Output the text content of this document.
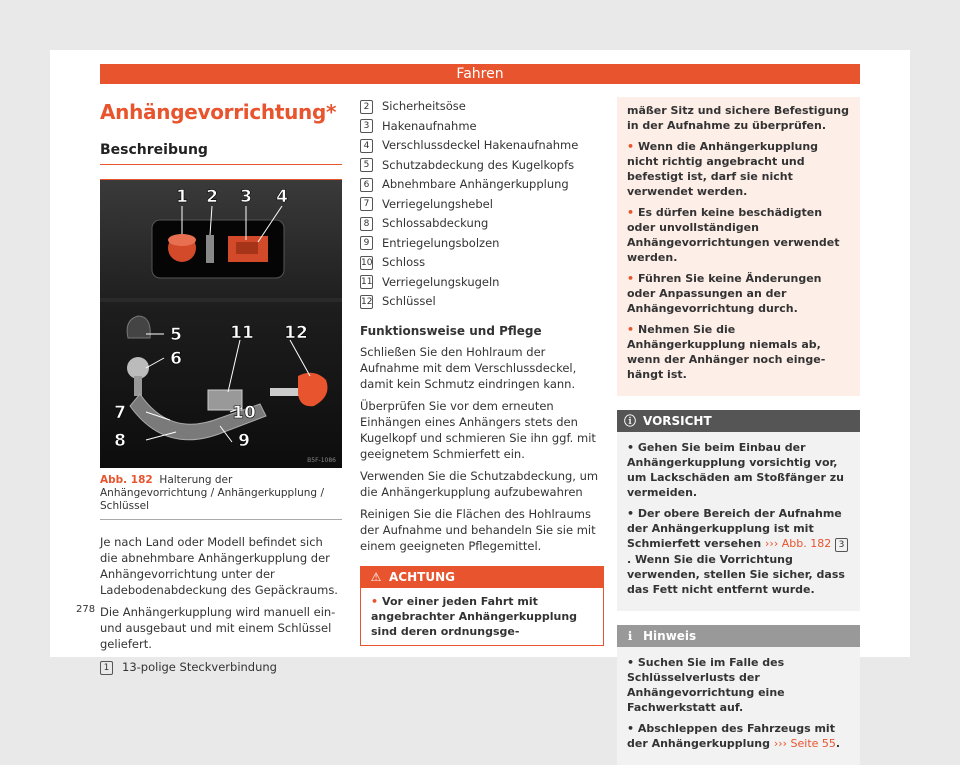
Fahren
278
Anhängevorrichtung*
Beschreibung
1 2 3 4
5
6
11 12
7	10
8	9
B5F-1086
Abb. 182 Halterung der Anhängevorrichtung / Anhängerkupplung / Schlüssel

Je nach Land oder Modell befindet sich die abnehmbare Anhängerkupplung der Anhängevorrichtung unter der Ladebodenabdeckung des Gepäckraums.

Die Anhängerkupplung wird manuell ein- und ausgebaut und mit einem Schlüssel geliefert.

1	13-polige Steckverbindung
2	Sicherheitsöse
3	Hakenaufnahme
4	Verschlussdeckel Hakenaufnahme
5	Schutzabdeckung des Kugelkopfs
6	Abnehmbare Anhängerkupplung
7	Verriegelungshebel
8	Schlossabdeckung
9	Entriegelungsbolzen
10 Schloss
11 Verriegelungskugeln
12 Schlüssel
Funktionsweise und Pflege

Schließen Sie den Hohlraum der Aufnahme mit dem Verschlussdeckel, damit kein Schmutz eindringen kann.

Überprüfen Sie vor dem erneuten Einhängen eines Anhängers stets den Kugelkopf und schmieren Sie ihn ggf. mit geeignetem Schmierfett ein.

Verwenden Sie die Schutzabdeckung, um die Anhängerkupplung aufzubewahren

Reinigen Sie die Flächen des Hohlraums der Aufnahme und behandeln Sie sie mit einem geeigneten Pflegemittel.

⚠ ACHTUNG
• Vor einer jeden Fahrt mit angebrachter Anhängerkupplung sind deren ordnungsge-

mäßer Sitz und sichere Befestigung in der Aufnahme zu überprüfen.

• Wenn die Anhängerkupplung nicht richtig angebracht und befestigt ist, darf sie nicht verwendet werden.

• Es dürfen keine beschädigten oder unvollständigen Anhängevorrichtungen verwendet werden.

• Führen Sie keine Änderungen oder Anpassungen an der Anhängevorrichtung durch.

• Nehmen Sie die Anhängerkupplung niemals ab, wenn der Anhänger noch eingehängt ist.

ⓘ VORSICHT

• Gehen Sie beim Einbau der Anhängerkupplung vorsichtig vor, um Lackschäden am Stoßfänger zu vermeiden.

• Der obere Bereich der Aufnahme der Anhängerkupplung ist mit Schmierfett versehen ››› Abb. 182 3. Wenn Sie die Vorrichtung verwenden, stellen Sie sicher, dass das Fett nicht entfernt wurde.

ℹ Hinweis

• Suchen Sie im Falle des Schlüsselverlusts der Anhängevorrichtung eine Fachwerkstatt auf.

• Abschleppen des Fahrzeugs mit der Anhängerkupplung ››› Seite 55.
